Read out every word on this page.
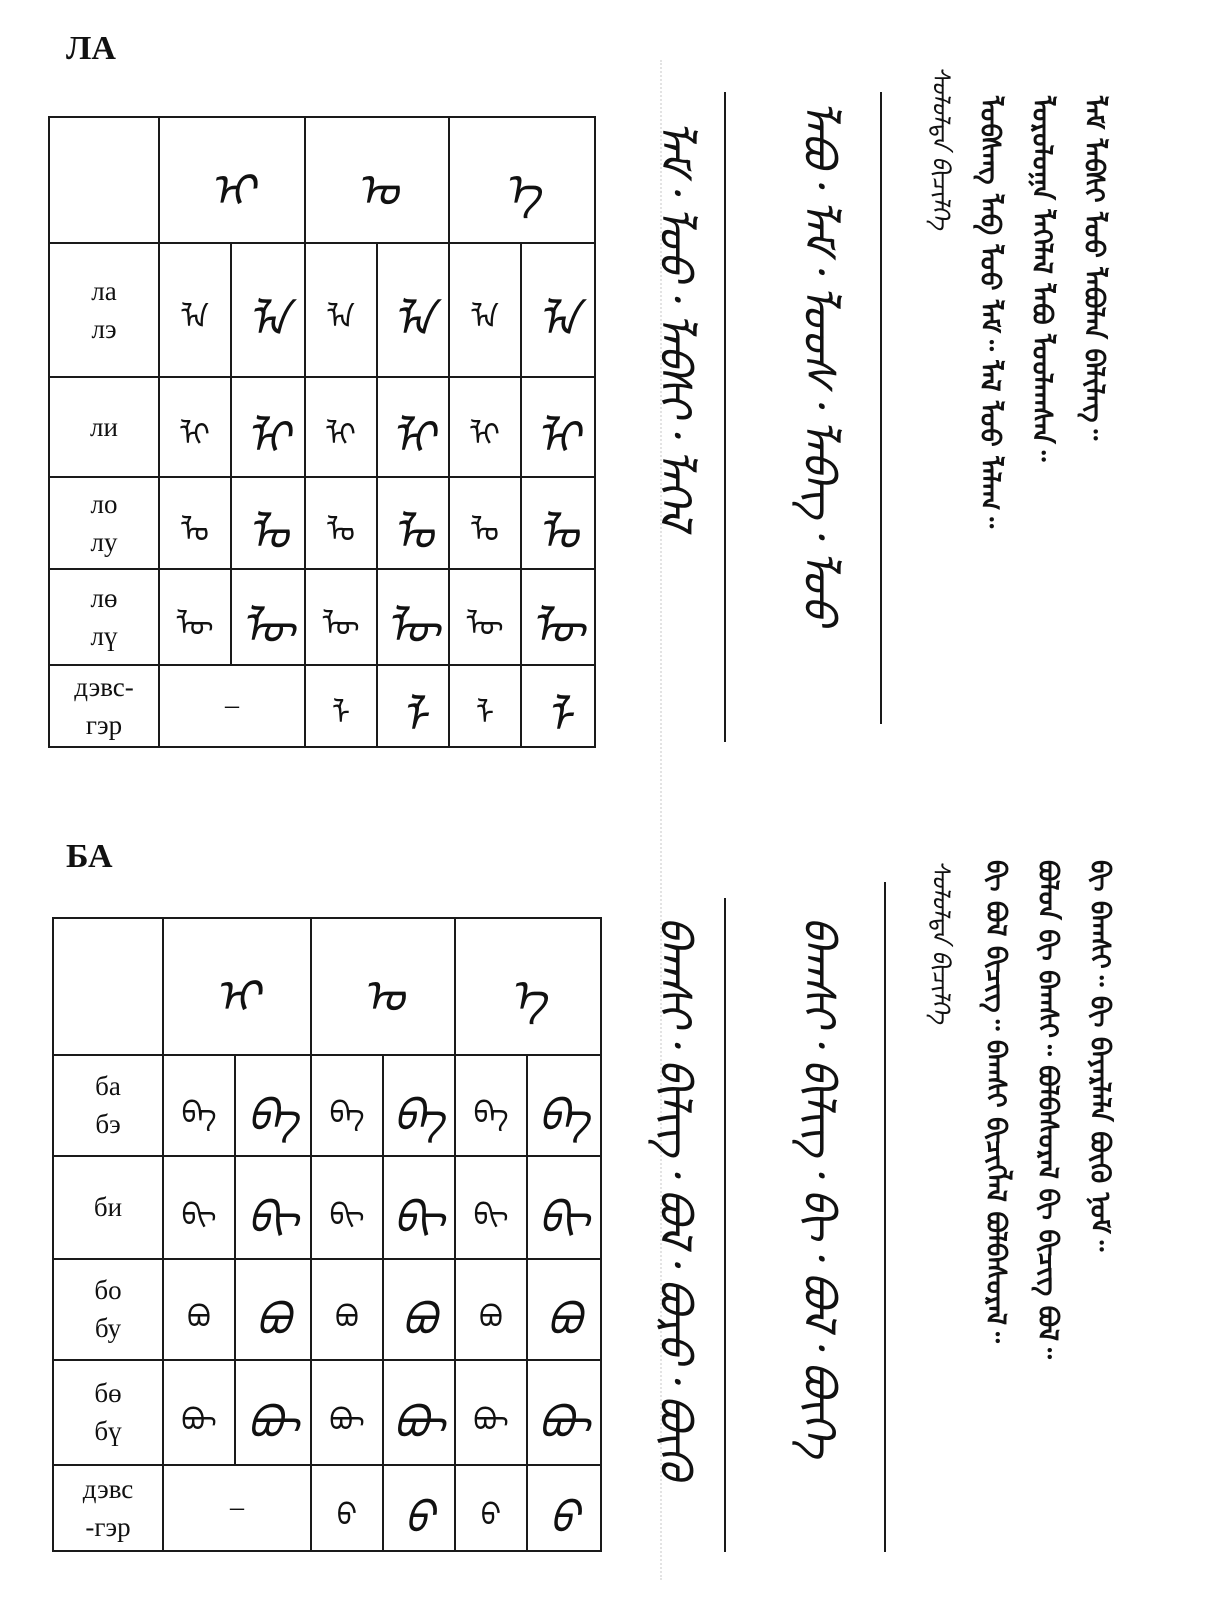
ЛА
	ᠢ		ᠤ		ᠡ	
ла
лэ	ᠯᠠ	ᠯᠠ	ᠯᠠ	ᠯᠠ	ᠯᠡ	ᠯᠡ
ли	ᠯᠢ	ᠯᠢ	ᠯᠢ	ᠯᠢ	ᠯᠢ	ᠯᠢ
ло
лу	ᠯᠣ	ᠯᠣ	ᠯᠣ	ᠯᠣ	ᠯᠣ	ᠯᠣ
лө
лү	ᠯᠥ	ᠯᠥ	ᠯᠥ	ᠯᠥ	ᠯᠥ	ᠯᠥ
дэвс-
гэр	–		ᠯ	ᠯ	ᠯ	ᠯ
ᠯᠠᠮ᠂ ᠯᠤᠤ᠂ ᠯᠠᠪᠰᠢ᠂ ᠯᠡᠭᠡᠯ ᠯᠠᠪᠤ᠂ ᠯᠠᠮ᠂ ᠯᠣᠣᠰ᠂ ᠯᠡᠪᠡᠭ᠂ ᠯᠤᠤ	ᠯᠠᠮ ᠯᠠᠪᠰᠢ ᠯᠤᠤ ᠯᠠᠪᠤᠯᠠᠨ ᠪᠠᠯᠢᠯᠡᠭ᠃
ᠯᠣᠷᠣᠯᠤᠭᠠ ᠯᠡᠭᠡᠯᠡᠯ ᠯᠠᠪᠤ ᠯᠤᠤᠯᠠᠭᠰᠠᠨ᠃
ᠯᠣᠪᠰᠠᠩ ᠯᠠᠪ ᠯᠣᠤ ᠯᠠᠮ᠃ ᠯᠠᠯ ᠯᠤᠤ ᠯᠠᠯᠠᠭ᠃
ᠰᠣᠯᠣᠯᠲᠠ ᠪᠢᠴᠢᠯᠭᠡ
БА
	ᠢ		ᠤ		ᠡ	
ба
бэ	ᠪᠠ	ᠪᠠ	ᠪᠠ	ᠪᠠ	ᠪᠠ	ᠪᠠ
би	ᠪᠢ	ᠪᠢ	ᠪᠢ	ᠪᠢ	ᠪᠢ	ᠪᠢ
бо
бу	ᠪᠣ	ᠪᠣ	ᠪᠣ	ᠪᠣ	ᠪᠣ	ᠪᠣ
бө
бү	ᠪᠥ	ᠪᠥ	ᠪᠥ	ᠪᠥ	ᠪᠥ	ᠪᠥ
дэвс
-гэр	–		ᠪ	ᠪ	ᠪ	ᠪ
ᠪᠠᠭᠰᠢ᠂ ᠪᠢᠯᠢᠭ᠂ ᠪᠣᠯ᠂ ᠪᠣᠷᠣ᠂ ᠪᠦᠬᠦ ᠪᠠᠭᠰᠢ᠂ ᠪᠢᠯᠢᠭ᠂ ᠪᠢ᠂ ᠪᠣᠯ᠂ ᠪᠥᠭᠡ	ᠪᠢ ᠪᠠᠭᠰᠢ᠃ ᠪᠢ ᠪᠠᠶᠠᠷᠯᠠᠯᠠ ᠪᠦᠬᠦ ᠨᠤᠮ᠃
ᠪᠣᠯᠣᠨ ᠪᠢ ᠪᠠᠭᠰᠢ᠃ ᠪᠣᠯᠪᠠᠰᠤᠷᠠᠯ ᠪᠢ ᠪᠢᠴᠢᠭ ᠪᠣᠯ᠃
ᠪᠢ ᠪᠣᠯ ᠪᠢᠴᠢᠭ᠃ ᠪᠠᠭᠰᠢ ᠪᠢᠴᠢᠭᠯᠡᠯ ᠪᠣᠯᠪᠠᠰᠤᠷᠠᠯ᠃
ᠰᠣᠯᠣᠯᠲᠠ ᠪᠢᠴᠢᠯᠭᠡ
